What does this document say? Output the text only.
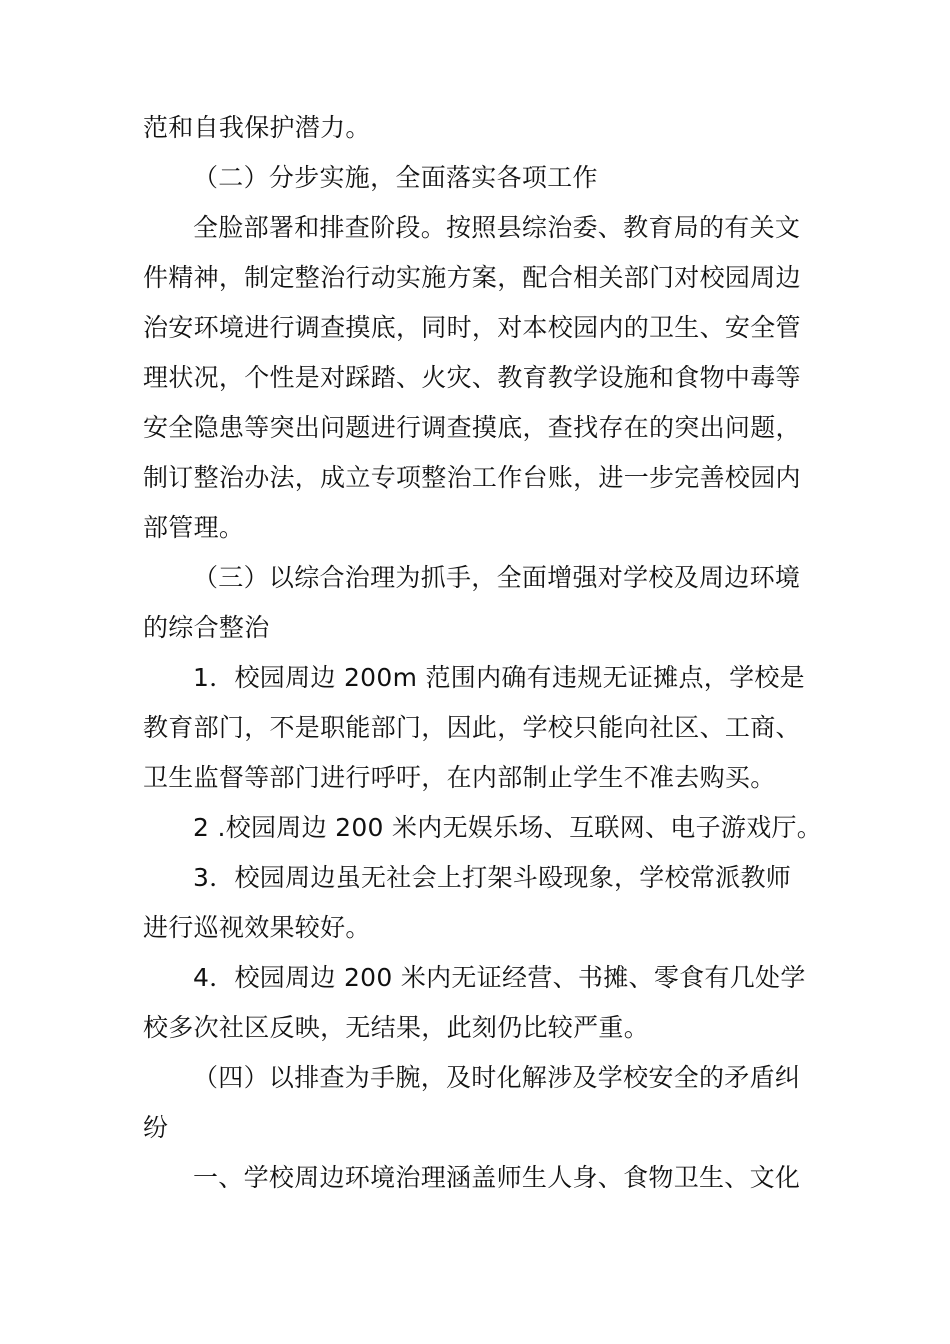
范和自我保护潜力。
（二）分步实施，全面落实各项工作
全脸部署和排查阶段。按照县综治委、教育局的有关文
件精神，制定整治行动实施方案，配合相关部门对校园周边
治安环境进行调查摸底，同时，对本校园内的卫生、安全管
理状况，个性是对踩踏、火灾、教育教学设施和食物中毒等
安全隐患等突出问题进行调查摸底，查找存在的突出问题，
制订整治办法，成立专项整治工作台账，进一步完善校园内
部管理。
（三）以综合治理为抓手，全面增强对学校及周边环境
的综合整治
1．校园周边 200m 范围内确有违规无证摊点，学校是
教育部门，不是职能部门，因此，学校只能向社区、工商、
卫生监督等部门进行呼吁，在内部制止学生不准去购买。
2 .校园周边 200 米内无娱乐场、互联网、电子游戏厅。
3．校园周边虽无社会上打架斗殴现象，学校常派教师
进行巡视效果较好。
4．校园周边 200 米内无证经营、书摊、零食有几处学
校多次社区反映，无结果，此刻仍比较严重。
（四）以排查为手腕，及时化解涉及学校安全的矛盾纠
纷
一、学校周边环境治理涵盖师生人身、食物卫生、文化
